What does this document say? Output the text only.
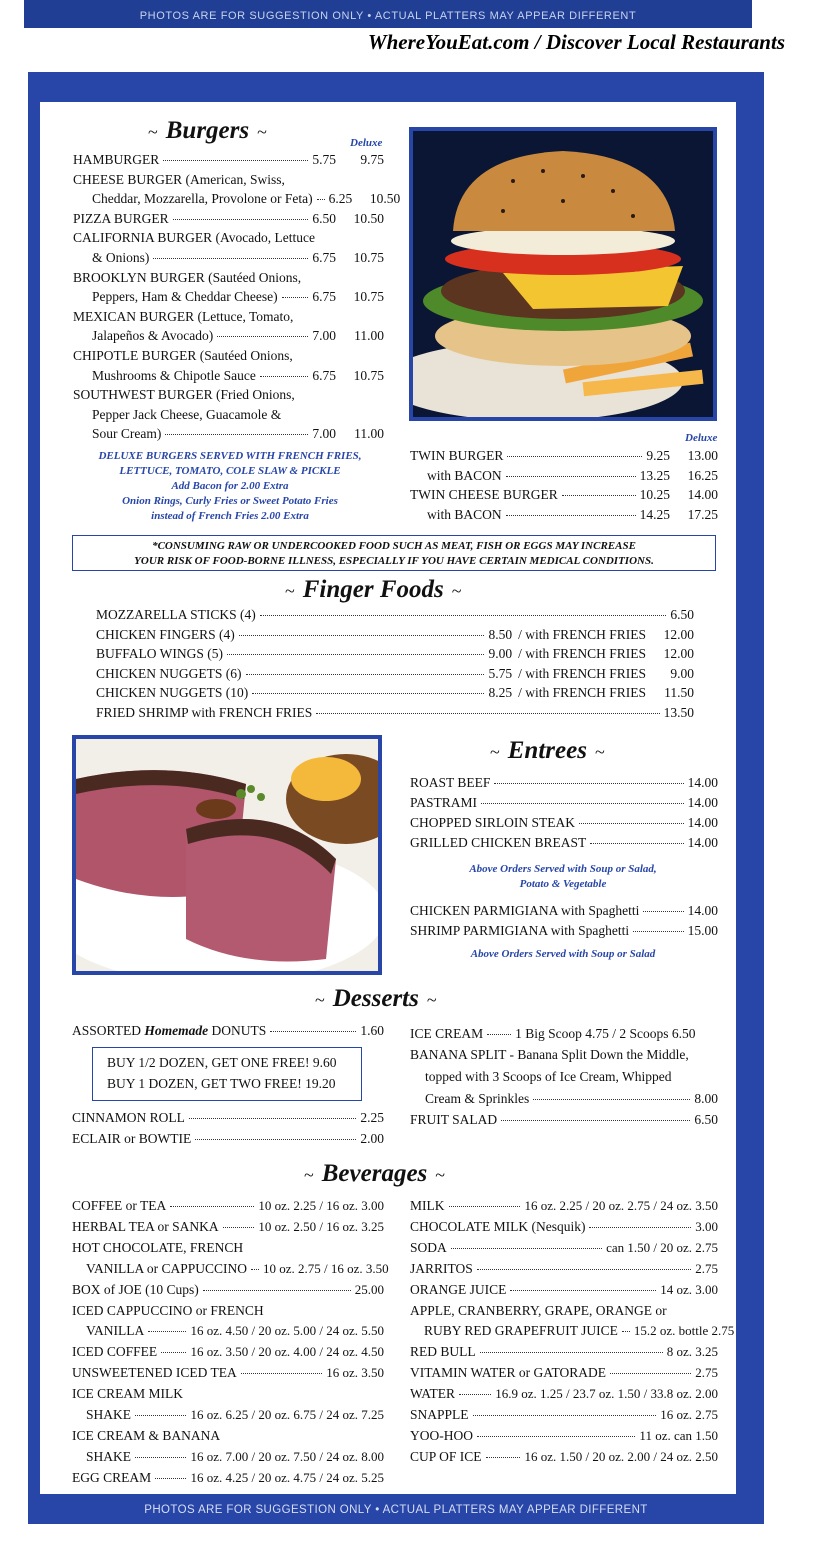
PHOTOS ARE FOR SUGGESTION ONLY • ACTUAL PLATTERS MAY APPEAR DIFFERENT
WhereYouEat.com / Discover Local Restaurants
PHOTOS ARE FOR SUGGESTION ONLY • ACTUAL PLATTERS MAY APPEAR DIFFERENT
~ Burgers ~
Deluxe
HAMBURGER	5.75	9.75
CHEESE BURGER (American, Swiss,
Cheddar, Mozzarella, Provolone or Feta) 6.25	10.50
PIZZA BURGER	6.50	10.50
CALIFORNIA BURGER (Avocado, Lettuce
& Onions)	6.75	10.75
BROOKLYN BURGER (Sautéed Onions,
Peppers, Ham & Cheddar Cheese)	6.75	10.75
MEXICAN BURGER (Lettuce, Tomato,
Jalapeños & Avocado)	7.00	11.00
CHIPOTLE BURGER (Sautéed Onions,
Mushrooms & Chipotle Sauce	6.75	10.75
SOUTHWEST BURGER (Fried Onions,
Pepper Jack Cheese, Guacamole &
Sour Cream)	7.00	11.00
DELUXE BURGERS SERVED WITH FRENCH FRIES,
LETTUCE, TOMATO, COLE SLAW & PICKLE
Add Bacon for 2.00 Extra
Onion Rings, Curly Fries or Sweet Potato Fries
instead of French Fries 2.00 Extra
Deluxe
TWIN BURGER	9.25	13.00
with BACON	13.25	16.25
TWIN CHEESE BURGER	10.25	14.00
with BACON	14.25	17.25
*CONSUMING RAW OR UNDERCOOKED FOOD SUCH AS MEAT, FISH OR EGGS MAY INCREASE
YOUR RISK OF FOOD-BORNE ILLNESS, ESPECIALLY IF YOU HAVE CERTAIN MEDICAL CONDITIONS.
~ Finger Foods ~
MOZZARELLA STICKS (4)	6.50
CHICKEN FINGERS (4)	8.50 / with FRENCH FRIES	12.00
BUFFALO WINGS (5)	9.00 / with FRENCH FRIES	12.00
CHICKEN NUGGETS (6)	5.75 / with FRENCH FRIES	9.00
CHICKEN NUGGETS (10)	8.25 / with FRENCH FRIES	11.50
FRIED SHRIMP with FRENCH FRIES	13.50
~ Entrees ~
ROAST BEEF	14.00
PASTRAMI	14.00
CHOPPED SIRLOIN STEAK	14.00
GRILLED CHICKEN BREAST	14.00
Above Orders Served with Soup or Salad,
Potato & Vegetable
CHICKEN PARMIGIANA with Spaghetti	14.00
SHRIMP PARMIGIANA with Spaghetti	15.00
Above Orders Served with Soup or Salad
~ Desserts ~
ASSORTED Homemade DONUTS	1.60
BUY 1/2 DOZEN, GET ONE FREE! 9.60
BUY 1 DOZEN, GET TWO FREE! 19.20
CINNAMON ROLL	2.25
ECLAIR or BOWTIE	2.00
ICE CREAM 1 Big Scoop 4.75 / 2 Scoops 6.50
BANANA SPLIT - Banana Split Down the Middle,
topped with 3 Scoops of Ice Cream, Whipped
Cream & Sprinkles	8.00
FRUIT SALAD	6.50
~ Beverages ~
COFFEE or TEA	10 oz. 2.25 / 16 oz. 3.00
HERBAL TEA or SANKA	10 oz. 2.50 / 16 oz. 3.25
HOT CHOCOLATE, FRENCH
VANILLA or CAPPUCCINO 10 oz. 2.75 / 16 oz. 3.50
BOX of JOE (10 Cups)	25.00
ICED CAPPUCCINO or FRENCH
VANILLA	16 oz. 4.50 / 20 oz. 5.00 / 24 oz. 5.50
ICED COFFEE	16 oz. 3.50 / 20 oz. 4.00 / 24 oz. 4.50
UNSWEETENED ICED TEA	16 oz. 3.50
ICE CREAM MILK
SHAKE	16 oz. 6.25 / 20 oz. 6.75 / 24 oz. 7.25
ICE CREAM & BANANA
SHAKE	16 oz. 7.00 / 20 oz. 7.50 / 24 oz. 8.00
EGG CREAM	16 oz. 4.25 / 20 oz. 4.75 / 24 oz. 5.25
MILK	16 oz. 2.25 / 20 oz. 2.75 / 24 oz. 3.50
CHOCOLATE MILK (Nesquik)	3.00
SODA	can 1.50 / 20 oz. 2.75
JARRITOS	2.75
ORANGE JUICE	14 oz. 3.00
APPLE, CRANBERRY, GRAPE, ORANGE or
RUBY RED GRAPEFRUIT JUICE 15.2 oz. bottle 2.75
RED BULL	8 oz. 3.25
VITAMIN WATER or GATORADE	2.75
WATER	16.9 oz. 1.25 / 23.7 oz. 1.50 / 33.8 oz. 2.00
SNAPPLE	16 oz. 2.75
YOO-HOO	11 oz. can 1.50
CUP OF ICE	16 oz. 1.50 / 20 oz. 2.00 / 24 oz. 2.50
